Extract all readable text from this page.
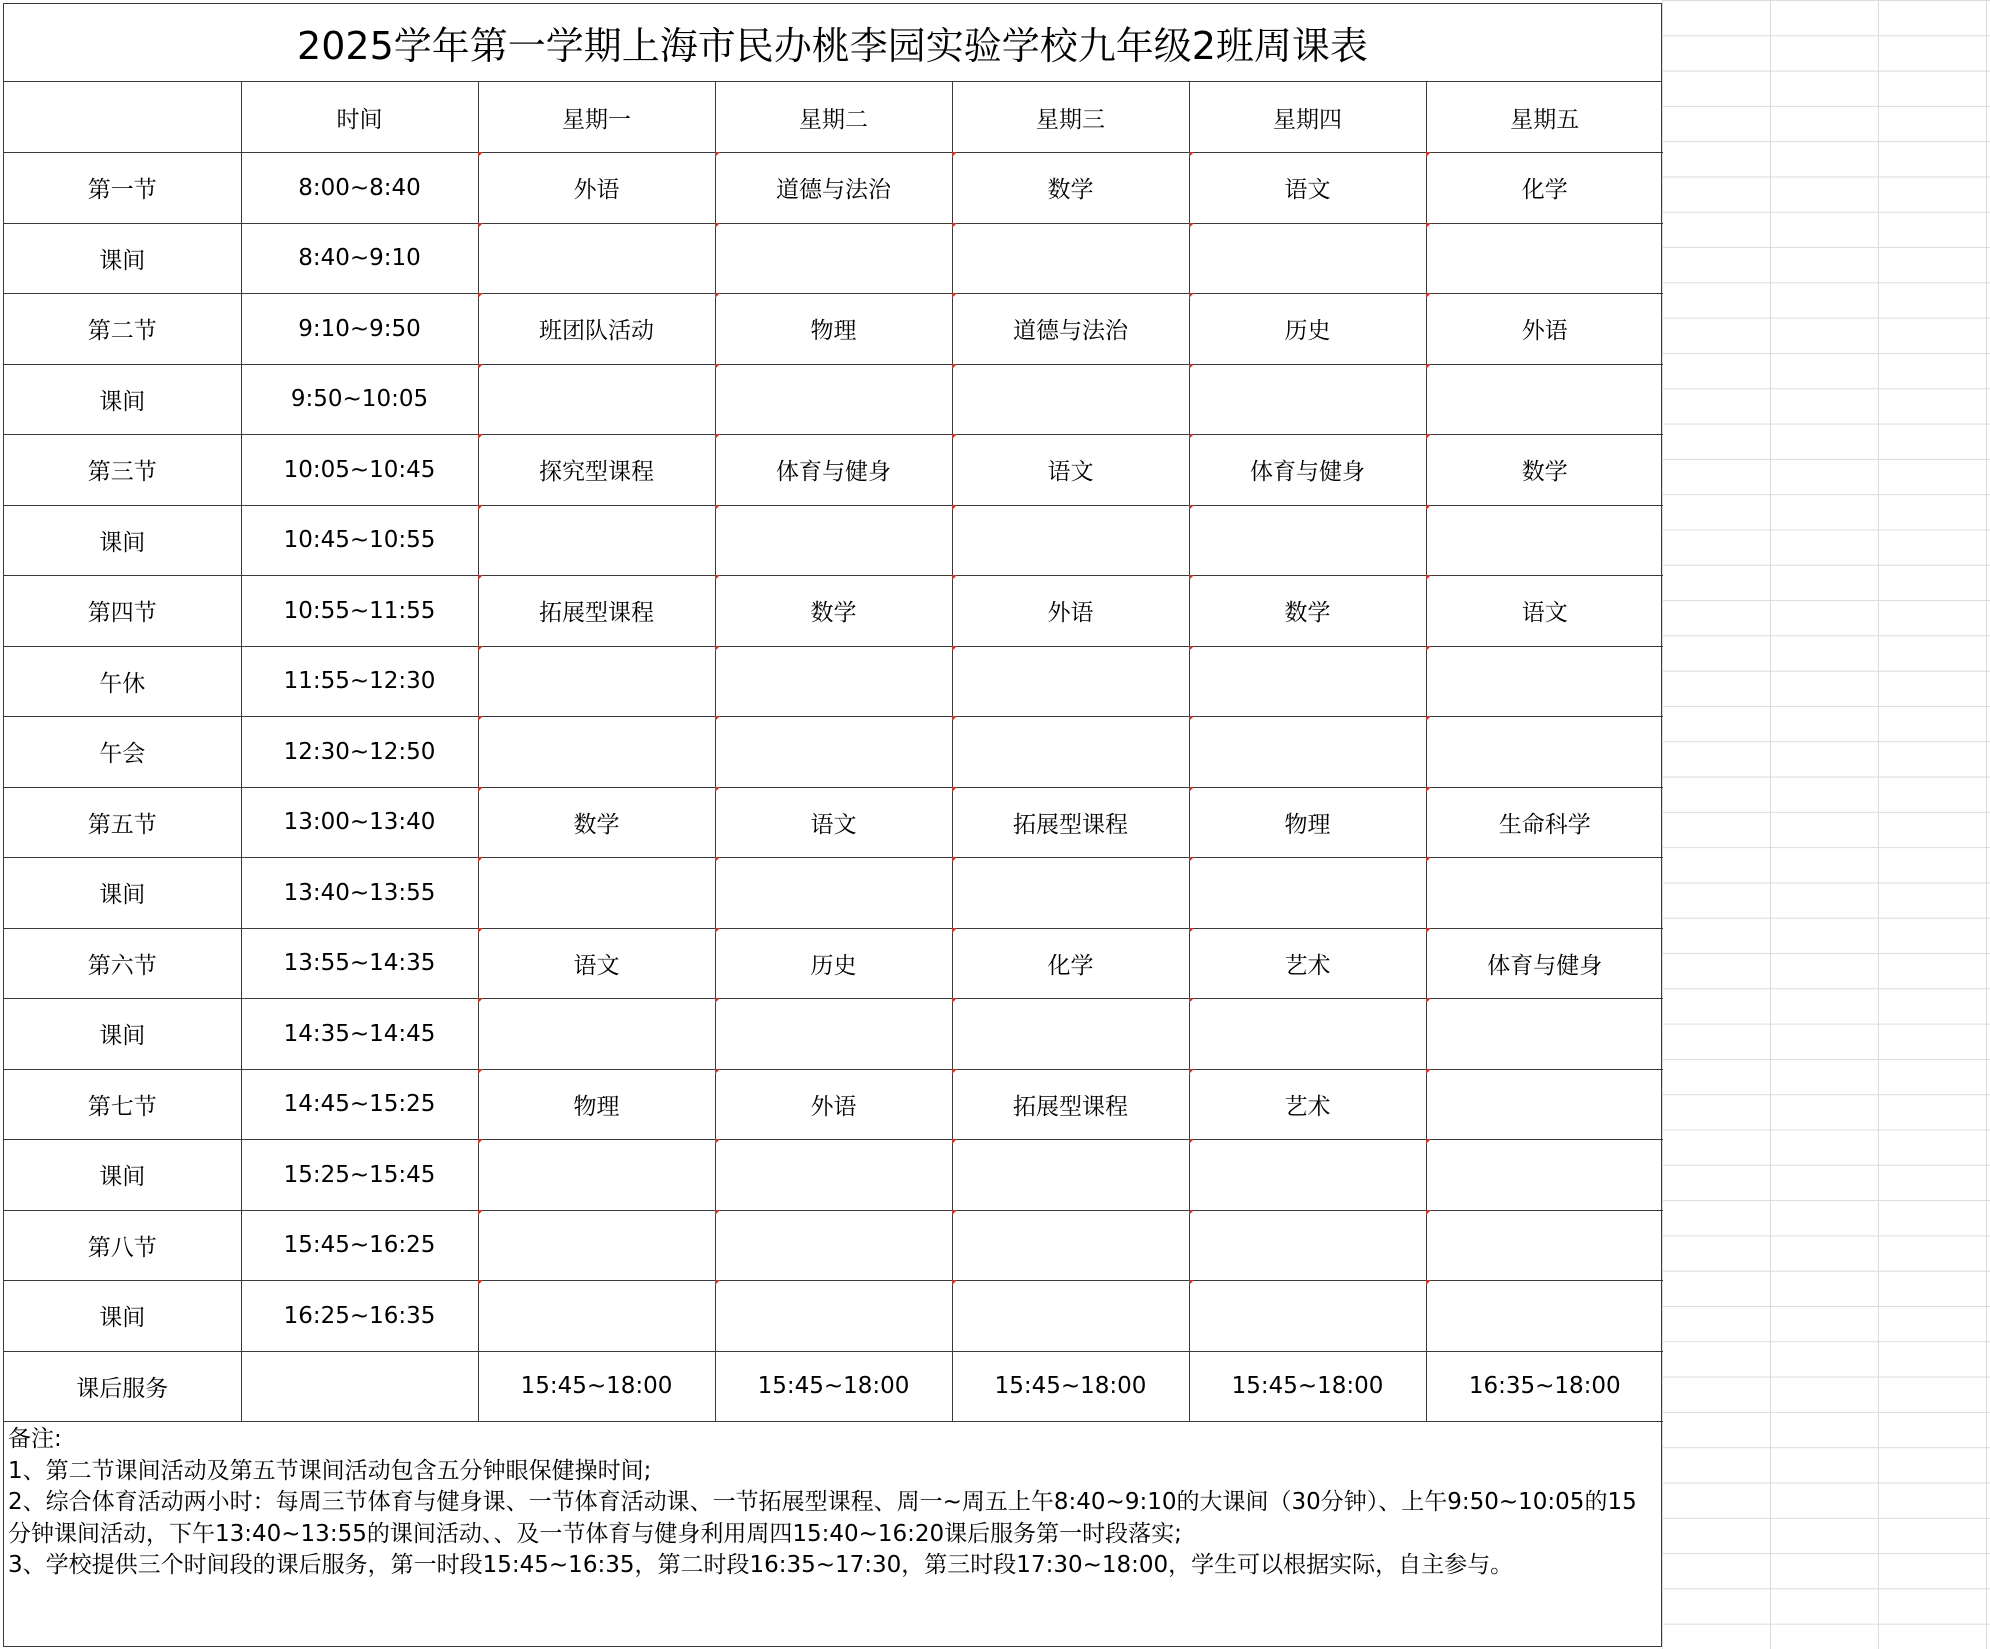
2025学年第一学期上海市民办桃李园实验学校九年级2班周课表
	时间	星期一	星期二	星期三	星期四	星期五
第一节	8:00~8:40	外语	道德与法治	数学	语文	化学
课间	8:40~9:10					
第二节	9:10~9:50	班团队活动	物理	道德与法治	历史	外语
课间	9:50~10:05					
第三节	10:05~10:45	探究型课程	体育与健身	语文	体育与健身	数学
课间	10:45~10:55					
第四节	10:55~11:55	拓展型课程	数学	外语	数学	语文
午休	11:55~12:30					
午会	12:30~12:50					
第五节	13:00~13:40	数学	语文	拓展型课程	物理	生命科学
课间	13:40~13:55					
第六节	13:55~14:35	语文	历史	化学	艺术	体育与健身
课间	14:35~14:45					
第七节	14:45~15:25	物理	外语	拓展型课程	艺术	
课间	15:25~15:45					
第八节	15:45~16:25					
课间	16:25~16:35					
课后服务		15:45~18:00	15:45~18:00	15:45~18:00	15:45~18:00	16:35~18:00
备注:
1、第二节课间活动及第五节课间活动包含五分钟眼保健操时间;
2、综合体育活动两小时：每周三节体育与健身课、一节体育活动课、一节拓展型课程、周一~周五上午8:40~9:10的大课间（30分钟）、上午9:50~10:05的15分钟课间活动，下午13:40~13:55的课间活动、、及一节体育与健身利用周四15:40~16:20课后服务第一时段落实;
3、学校提供三个时间段的课后服务，第一时段15:45~16:35，第二时段16:35~17:30，第三时段17:30~18:00，学生可以根据实际，自主参与。
